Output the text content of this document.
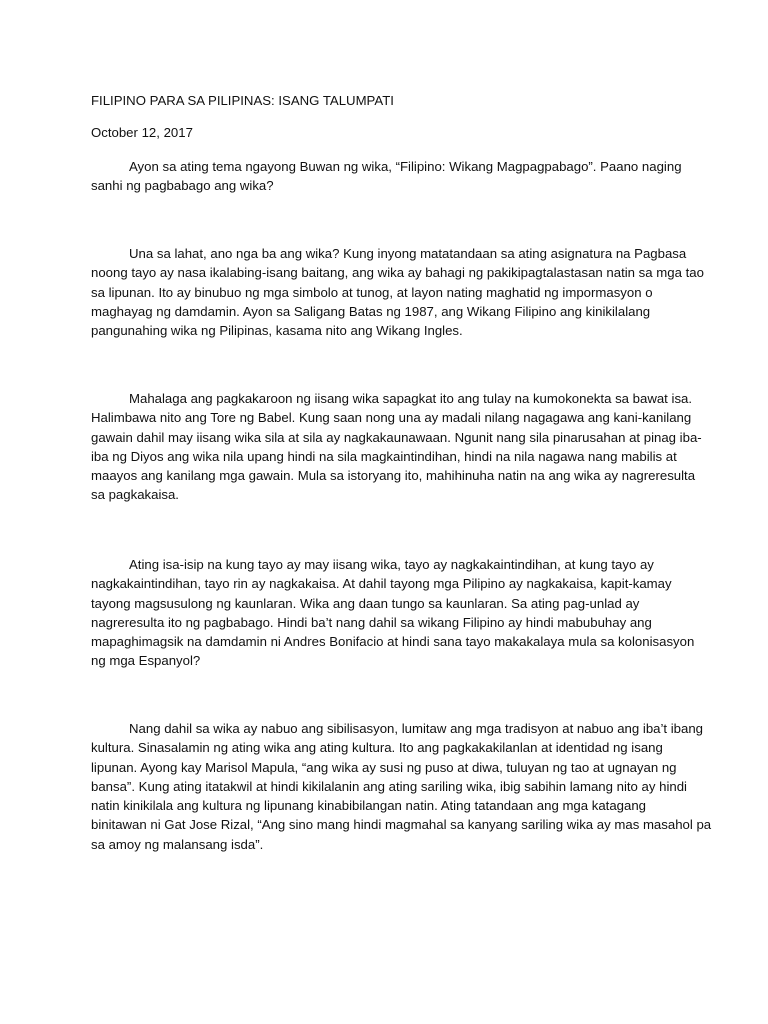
FILIPINO PARA SA PILIPINAS: ISANG TALUMPATI
October 12, 2017
Ayon sa ating tema ngayong Buwan ng wika, “Filipino: Wikang Magpagpabago”. Paano naging
sanhi ng pagbabago ang wika?
Una sa lahat, ano nga ba ang wika? Kung inyong matatandaan sa ating asignatura na Pagbasa
noong tayo ay nasa ikalabing-isang baitang, ang wika ay bahagi ng pakikipagtalastasan natin sa mga tao
sa lipunan. Ito ay binubuo ng mga simbolo at tunog, at layon nating maghatid ng impormasyon o
maghayag ng damdamin. Ayon sa Saligang Batas ng 1987, ang Wikang Filipino ang kinikilalang
pangunahing wika ng Pilipinas, kasama nito ang Wikang Ingles.
Mahalaga ang pagkakaroon ng iisang wika sapagkat ito ang tulay na kumokonekta sa bawat isa.
Halimbawa nito ang Tore ng Babel. Kung saan nong una ay madali nilang nagagawa ang kani-kanilang
gawain dahil may iisang wika sila at sila ay nagkakaunawaan. Ngunit nang sila pinarusahan at pinag iba-
iba ng Diyos ang wika nila upang hindi na sila magkaintindihan, hindi na nila nagawa nang mabilis at
maayos ang kanilang mga gawain. Mula sa istoryang ito, mahihinuha natin na ang wika ay nagreresulta
sa pagkakaisa.
Ating isa-isip na kung tayo ay may iisang wika, tayo ay nagkakaintindihan, at kung tayo ay
nagkakaintindihan, tayo rin ay nagkakaisa. At dahil tayong mga Pilipino ay nagkakaisa, kapit-kamay
tayong magsusulong ng kaunlaran. Wika ang daan tungo sa kaunlaran. Sa ating pag-unlad ay
nagreresulta ito ng pagbabago. Hindi ba’t nang dahil sa wikang Filipino ay hindi mabubuhay ang
mapaghimagsik na damdamin ni Andres Bonifacio at hindi sana tayo makakalaya mula sa kolonisasyon
ng mga Espanyol?
Nang dahil sa wika ay nabuo ang sibilisasyon, lumitaw ang mga tradisyon at nabuo ang iba’t ibang
kultura. Sinasalamin ng ating wika ang ating kultura. Ito ang pagkakakilanlan at identidad ng isang
lipunan. Ayong kay Marisol Mapula, “ang wika ay susi ng puso at diwa, tuluyan ng tao at ugnayan ng
bansa”. Kung ating itatakwil at hindi kikilalanin ang ating sariling wika, ibig sabihin lamang nito ay hindi
natin kinikilala ang kultura ng lipunang kinabibilangan natin. Ating tatandaan ang mga katagang
binitawan ni Gat Jose Rizal, “Ang sino mang hindi magmahal sa kanyang sariling wika ay mas masahol pa
sa amoy ng malansang isda”.
